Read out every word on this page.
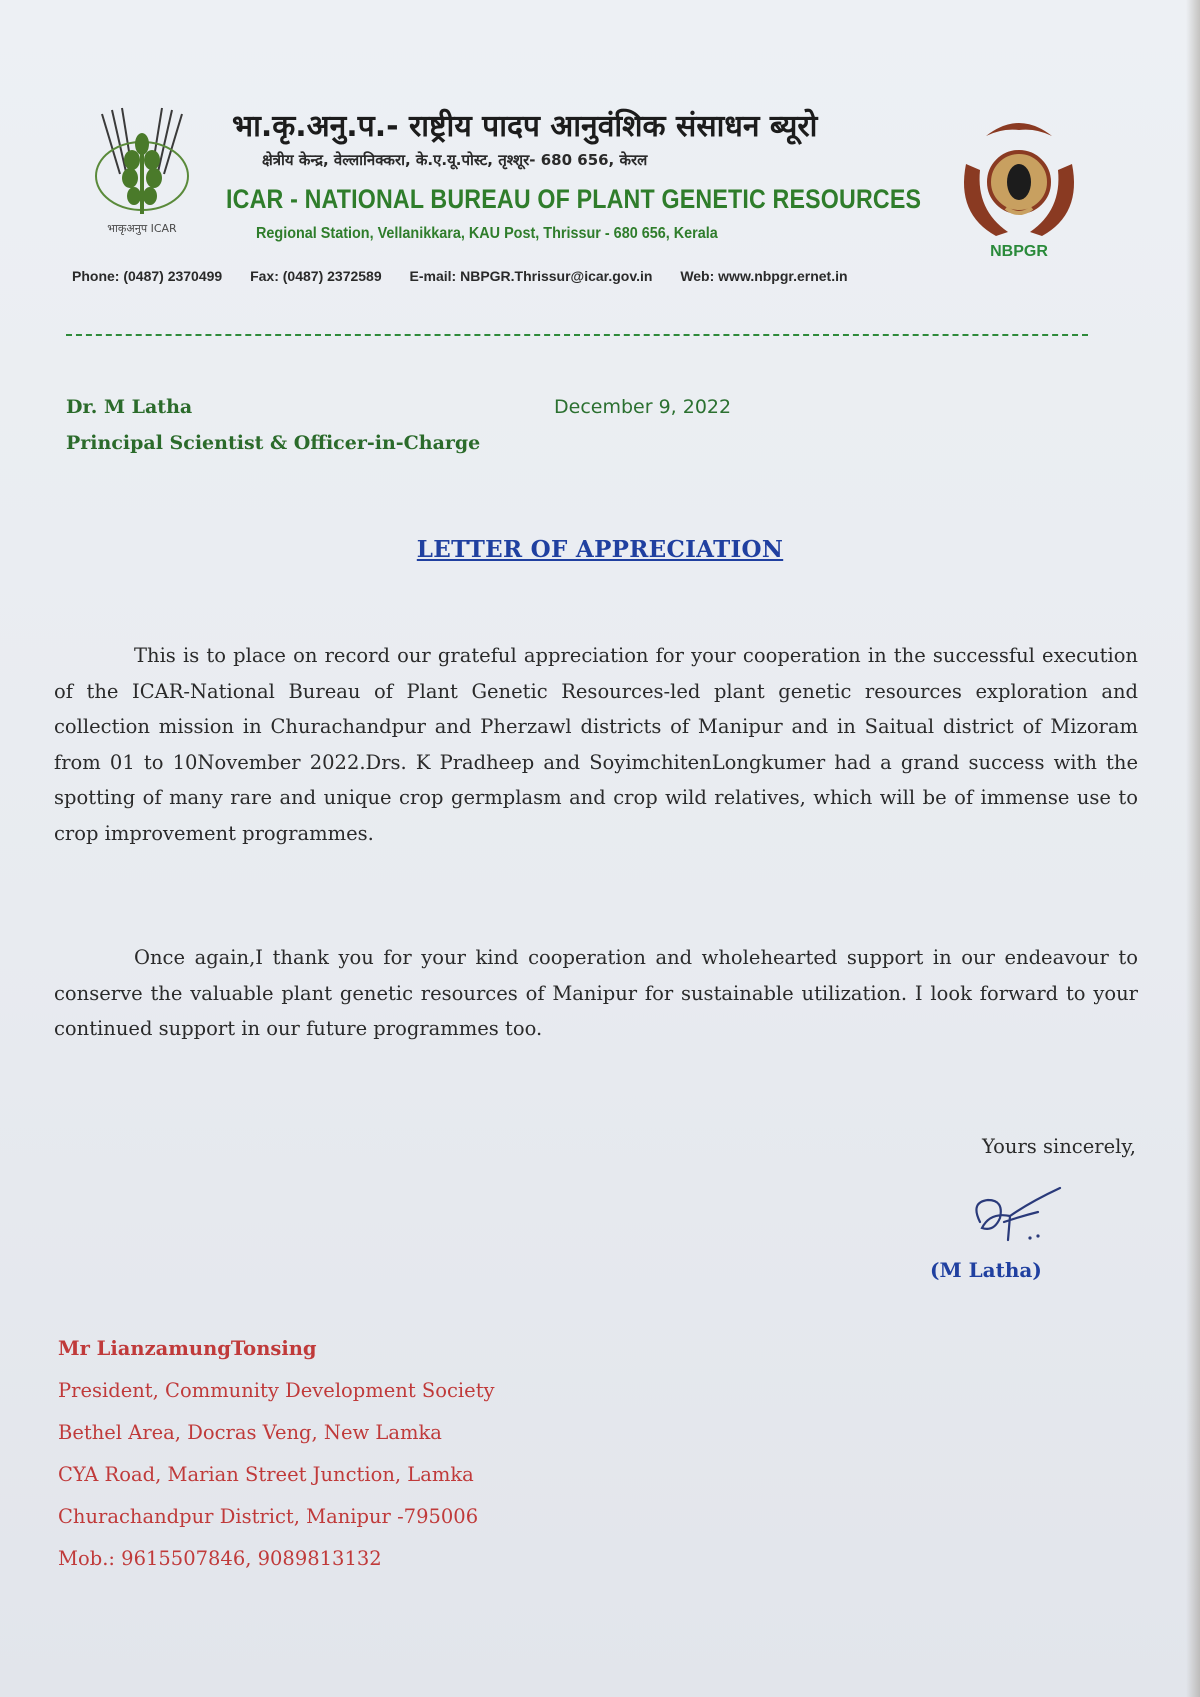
भाकृअनुप ICAR
भा.कृ.अनु.प.- राष्ट्रीय पादप आनुवंशिक संसाधन ब्यूरो
क्षेत्रीय केन्द्र, वेल्लानिक्करा, के.ए.यू.पोस्ट, तृश्शूर- 680 656, केरल
ICAR - NATIONAL BUREAU OF PLANT GENETIC RESOURCES
Regional Station, Vellanikkara, KAU Post, Thrissur - 680 656, Kerala
NBPGR
Phone: (0487) 2370499 Fax: (0487) 2372589 E-mail: NBPGR.Thrissur@icar.gov.in Web: www.nbpgr.ernet.in
Dr. M Latha	December 9, 2022
Principal Scientist & Officer-in-Charge
LETTER OF APPRECIATION

This is to place on record our grateful appreciation for your cooperation in the successful execution of the ICAR-National Bureau of Plant Genetic Resources-led plant genetic resources exploration and collection mission in Churachandpur and Pherzawl districts of Manipur and in Saitual district of Mizoram from 01 to 10November 2022.Drs. K Pradheep and SoyimchitenLongkumer had a grand success with the spotting of many rare and unique crop germplasm and crop wild relatives, which will be of immense use to crop improvement programmes.

Once again,I thank you for your kind cooperation and wholehearted support in our endeavour to conserve the valuable plant genetic resources of Manipur for sustainable utilization. I look forward to your continued support in our future programmes too.

Yours sincerely,
(M Latha)
Mr LianzamungTonsing
President, Community Development Society
Bethel Area, Docras Veng, New Lamka
CYA Road, Marian Street Junction, Lamka
Churachandpur District, Manipur -795006
Mob.: 9615507846, 9089813132
